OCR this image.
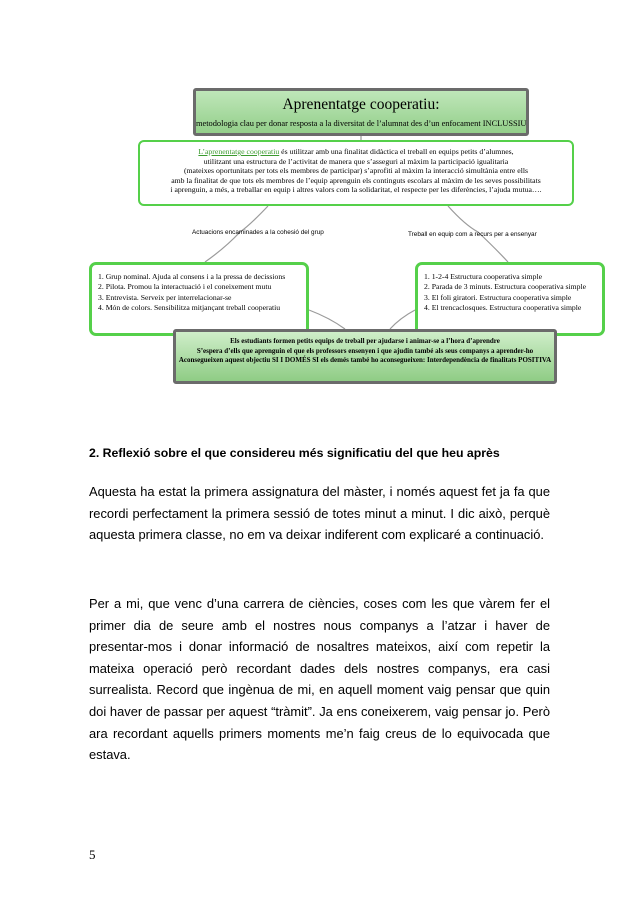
Aprenentatge cooperatiu:
metodologia clau per donar resposta a la diversitat de l’alumnat des d’un enfocament INCLUSSIU
L’aprenentatge cooperatiu és utilitzar amb una finalitat didàctica el treball en equips petits d’alumnes,
utilitzant una estructura de l’activitat de manera que s’asseguri al màxim la participació igualitaria
(mateixes oportunitats per tots els membres de participar) s’aprofiti al màxim la interacció simultània entre ells
amb la finalitat de que tots els membres de l’equip aprenguin els continguts escolars al màxim de les seves possibilitats
i aprenguin, a més, a treballar en equip i altres valors com la solidaritat, el respecte per les diferències, l’ajuda mutua….
Actuacions encaminades a la cohesió del grup	Treball en equip com a recurs per a ensenyar
1. Grup nominal. Ajuda al consens i a la pressa de decissions
2. Pilota. Promou la interactuació i el coneixement mutu
3. Entrevista. Serveix per interrelacionar-se
4. Món de colors. Sensibilitza mitjançant treball cooperatiu
1. 1-2-4 Estructura cooperativa simple
2. Parada de 3 minuts. Estructura cooperativa simple
3. El foli giratori. Estructura cooperativa simple
4. El trencaclosques. Estructura cooperativa simple
Els estudiants formen petits equips de treball per ajudarse i animar-se a l’hora d’aprendre
S’espera d’ells que aprenguin el que els professors ensenyen i que ajudin també als seus companys a aprender-ho
Aconsegueixen aquest objectiu SI I DOMÉS SI els demés també ho aconsegueixen: Interdependència de finalitats POSITIVA
2. Reflexió sobre el que considereu més significatiu del que heu après

Aquesta ha estat la primera assignatura del màster, i només aquest fet ja fa que recordi perfectament la primera sessió de totes minut a minut. I dic això, perquè aquesta primera classe, no em va deixar indiferent com explicaré a continuació.

Per a mi, que venc d’una carrera de ciències, coses com les que vàrem fer el primer dia de seure amb el nostres nous companys a l’atzar i haver de presentar-mos i donar informació de nosaltres mateixos, així com repetir la mateixa operació però recordant dades dels nostres companys, era casi surrealista. Record que ingènua de mi, en aquell moment vaig pensar que quin doi haver de passar per aquest “tràmit”. Ja ens coneixerem, vaig pensar jo. Però ara recordant aquells primers moments me’n faig creus de lo equivocada que estava.

5
